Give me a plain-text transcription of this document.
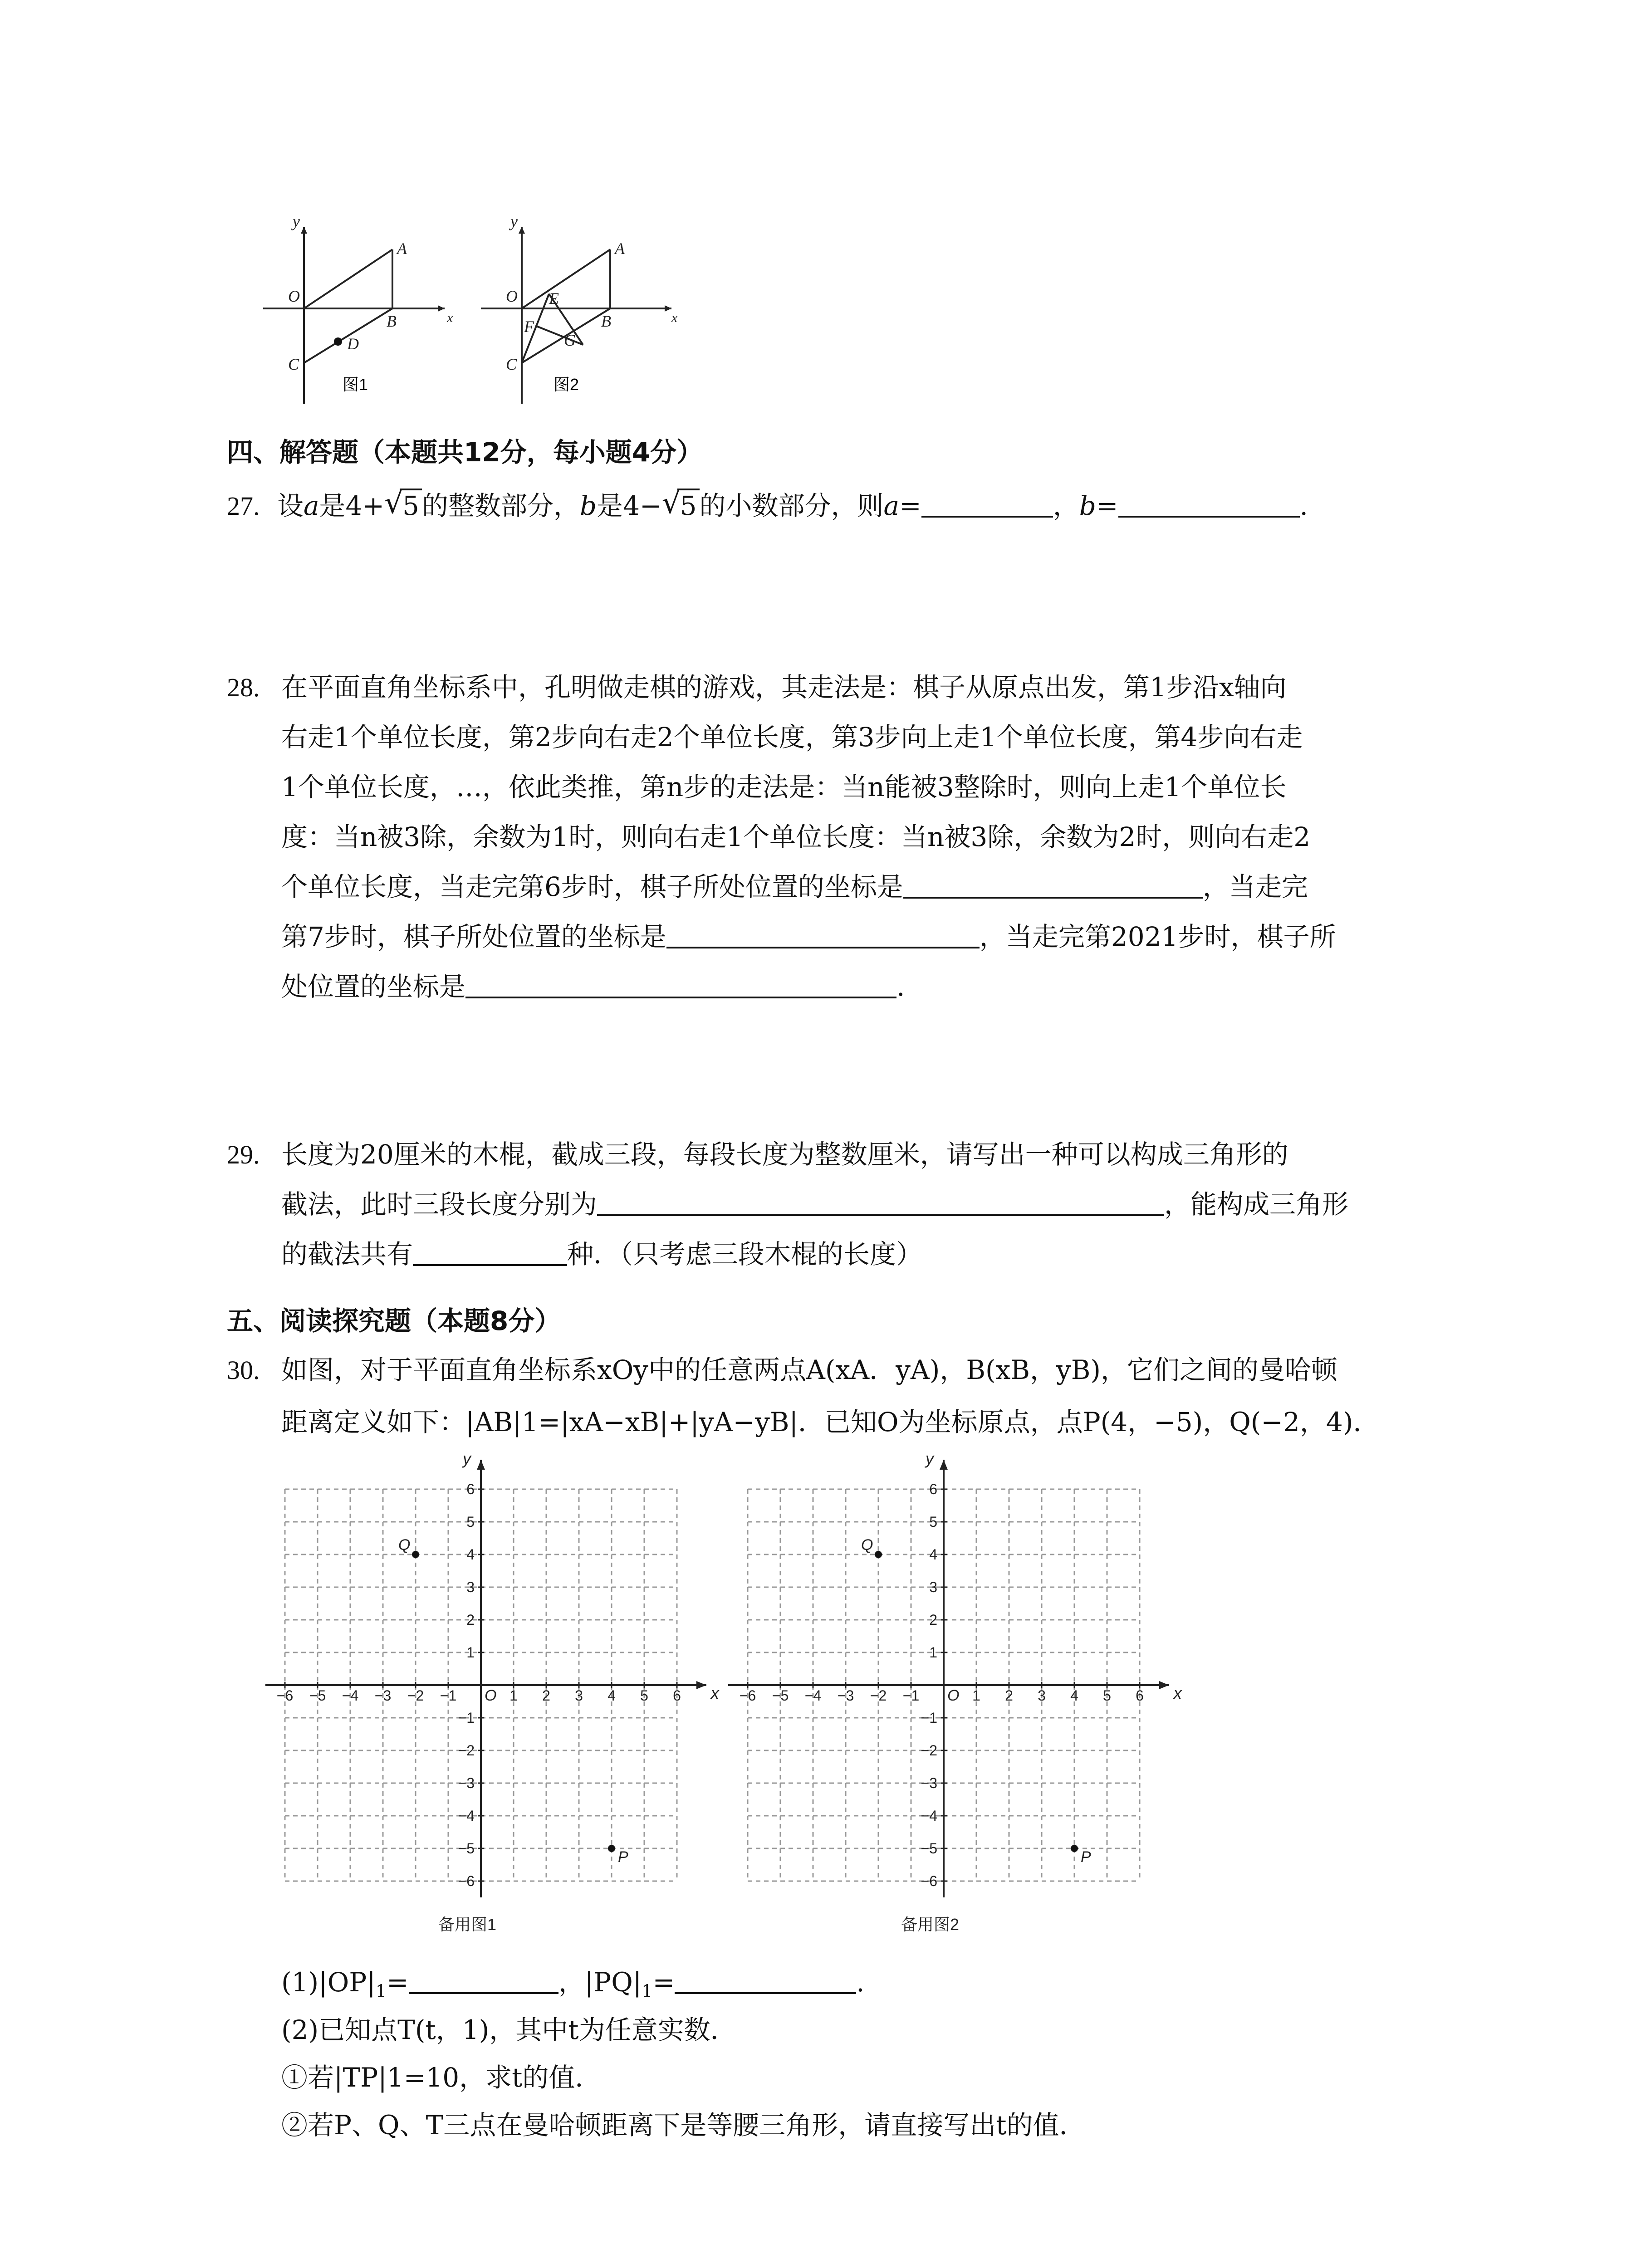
y
O
A
B
C
D
x
图1
y
O
A
B
C
E
F
G
x
图2
四、解答题（本题共12分，每小题4分）
27. 设a是4+ √
5 的整数部分，b是4− √
5 的小数部分，则a=	，b=	.
28. 在平面直角坐标系中，孔明做走棋的游戏，其走法是：棋子从原点出发，第1步沿x轴向
右走1个单位长度，第2步向右走2个单位长度，第3步向上走1个单位长度，第4步向右走
1个单位长度，…，依此类推，第n步的走法是：当n能被3整除时，则向上走1个单位长
度：当n被3除，余数为1时，则向右走1个单位长度：当n被3除，余数为2时，则向右走2
个单位长度，当走完第6步时，棋子所处位置的坐标是	，当走完
第7步时，棋子所处位置的坐标是	，当走完第2021步时，棋子所
处位置的坐标是	.
29. 长度为20厘米的木棍，截成三段，每段长度为整数厘米，请写出一种可以构成三角形的
截法，此时三段长度分别为	，能构成三角形
的截法共有	种．（只考虑三段木棍的长度）
五、阅读探究题（本题8分）
30. 如图，对于平面直角坐标系xOy中的任意两点A(xA．yA)，B(xB，yB)，它们之间的曼哈顿
距离定义如下：|AB|1=|xA−xB|+|yA−yB|．已知O为坐标原点，点P(4，−5)，Q(−2，4)．
x
y
O
−6 −5 −4 −3 −2 −1	1 2 3 4 5 6
6
5
4
3
2
1
−1
−2
−3
−4
−5
−6
P
Q
备用图1
x
y
O
−6 −5 −4 −3 −2 −1	1 2 3 4 5 6
6
5
4
3
2
1
−1
−2
−3
−4
−5
−6
P
Q
备用图2
$(1)|OP|_1=$	，$|PQ|_1=$	.
(2)已知点T(t，1)，其中t为任意实数．
①若|TP|1=10，求t的值．
②若P、Q、T三点在曼哈顿距离下是等腰三角形，请直接写出t的值．
